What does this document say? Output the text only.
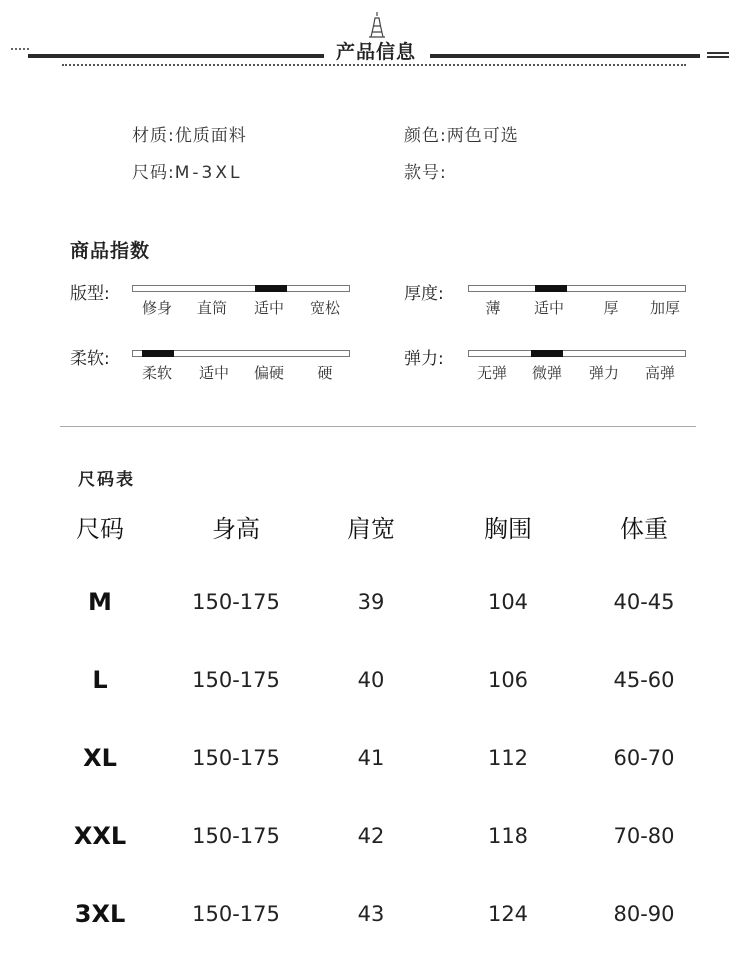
产品信息
材质:优质面料	颜色:两色可选
尺码:M-3XL	款号:
商品指数
版型:
修身 直筒 适中 宽松
厚度:
薄 适中	厚 加厚
柔软:
柔软 适中 偏硬 硬
弹力:
无弹 微弹 弹力 高弹
尺码表
尺码	身高	肩宽	胸围	体重
M	150-175	39	104	40-45
L	150-175	40	106	45-60
XL	150-175	41	112	60-70
XXL	150-175	42	118	70-80
3XL	150-175	43	124	80-90
